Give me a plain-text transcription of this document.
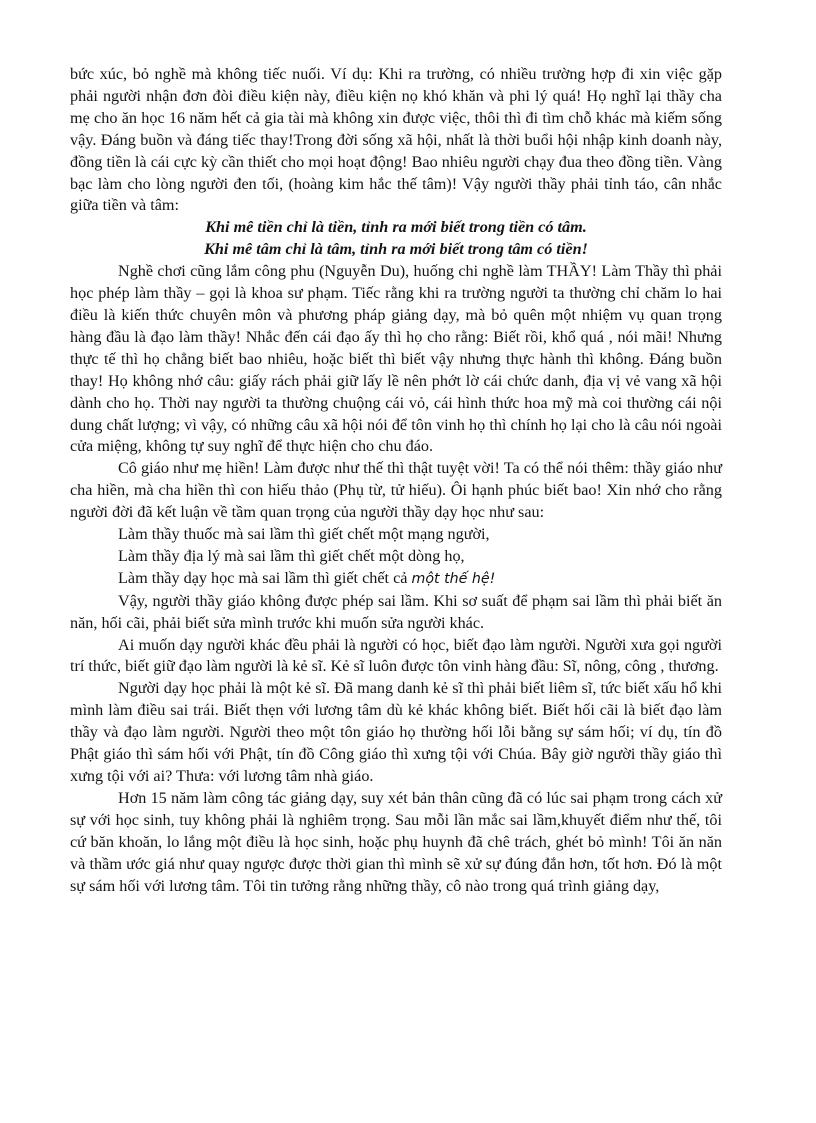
bức xúc, bỏ nghề mà không tiếc nuối. Ví dụ: Khi ra trường, có nhiều trường hợp đi xin việc gặp phải người nhận đơn đòi điều kiện này, điều kiện nọ khó khăn và phi lý quá! Họ nghĩ lại thầy cha mẹ cho ăn học 16 năm hết cả gia tài mà không xin được việc, thôi thì đi tìm chỗ khác mà kiếm sống vậy. Đáng buồn và đáng tiếc thay!Trong đời sống xã hội, nhất là thời buổi hội nhập kinh doanh này, đồng tiền là cái cực kỳ cần thiết cho mọi hoạt động! Bao nhiêu người chạy đua theo đồng tiền. Vàng bạc làm cho lòng người đen tối, (hoàng kim hắc thế tâm)! Vậy người thầy phải tỉnh táo, cân nhắc giữa tiền và tâm:

Khi mê tiền chỉ là tiền, tỉnh ra mới biết trong tiền có tâm.

Khi mê tâm chỉ là tâm, tỉnh ra mới biết trong tâm có tiền!

Nghề chơi cũng lắm công phu (Nguyễn Du), huống chi nghề làm THẦY! Làm Thầy thì phải học phép làm thầy – gọi là khoa sư phạm. Tiếc rằng khi ra trường người ta thường chỉ chăm lo hai điều là kiến thức chuyên môn và phương pháp giảng dạy, mà bỏ quên một nhiệm vụ quan trọng hàng đầu là đạo làm thầy! Nhắc đến cái đạo ấy thì họ cho rằng: Biết rồi, khổ quá , nói mãi! Nhưng thực tế thì họ chẳng biết bao nhiêu, hoặc biết thì biết vậy nhưng thực hành thì không. Đáng buồn thay! Họ không nhớ câu: giấy rách phải giữ lấy lề nên phớt lờ cái chức danh, địa vị vẻ vang xã hội dành cho họ. Thời nay người ta thường chuộng cái vỏ, cái hình thức hoa mỹ mà coi thường cái nội dung chất lượng; vì vậy, có những câu xã hội nói để tôn vinh họ thì chính họ lại cho là câu nói ngoài cửa miệng, không tự suy nghĩ để thực hiện cho chu đáo.

Cô giáo như mẹ hiền! Làm được như thế thì thật tuyệt vời! Ta có thể nói thêm: thầy giáo như cha hiền, mà cha hiền thì con hiếu thảo (Phụ từ, tử hiếu). Ôi hạnh phúc biết bao! Xin nhớ cho rằng người đời đã kết luận về tầm quan trọng của người thầy dạy học như sau:

Làm thầy thuốc mà sai lầm thì giết chết một mạng người,

Làm thầy địa lý mà sai lầm thì giết chết một dòng họ,

Làm thầy dạy học mà sai lầm thì giết chết cả một thế hệ!

Vậy, người thầy giáo không được phép sai lầm. Khi sơ suất để phạm sai lầm thì phải biết ăn năn, hối cãi, phải biết sửa mình trước khi muốn sửa người khác.

Ai muốn dạy người khác đều phải là người có học, biết đạo làm người. Người xưa gọi người trí thức, biết giữ đạo làm người là kẻ sĩ. Kẻ sĩ luôn được tôn vinh hàng đầu: Sĩ, nông, công , thương.

Người dạy học phải là một kẻ sĩ. Đã mang danh kẻ sĩ thì phải biết liêm sĩ, tức biết xấu hổ khi mình làm điều sai trái. Biết thẹn với lương tâm dù kẻ khác không biết. Biết hối cãi là biết đạo làm thầy và đạo làm người. Người theo một tôn giáo họ thường hối lỗi bằng sự sám hối; ví dụ, tín đồ Phật giáo thì sám hối với Phật, tín đồ Công giáo thì xưng tội với Chúa. Bây giờ người thầy giáo thì xưng tội với ai? Thưa: với lương tâm nhà giáo.

Hơn 15 năm làm công tác giảng dạy, suy xét bản thân cũng đã có lúc sai phạm trong cách xử sự với học sinh, tuy không phải là nghiêm trọng. Sau mỗi lần mắc sai lầm,khuyết điểm như thế, tôi cứ băn khoăn, lo lắng một điều là học sinh, hoặc phụ huynh đã chê trách, ghét bỏ mình! Tôi ăn năn và thầm ước giá như quay ngược được thời gian thì mình sẽ xử sự đúng đắn hơn, tốt hơn. Đó là một sự sám hối với lương tâm. Tôi tin tưởng rằng những thầy, cô nào trong quá trình giảng dạy,
